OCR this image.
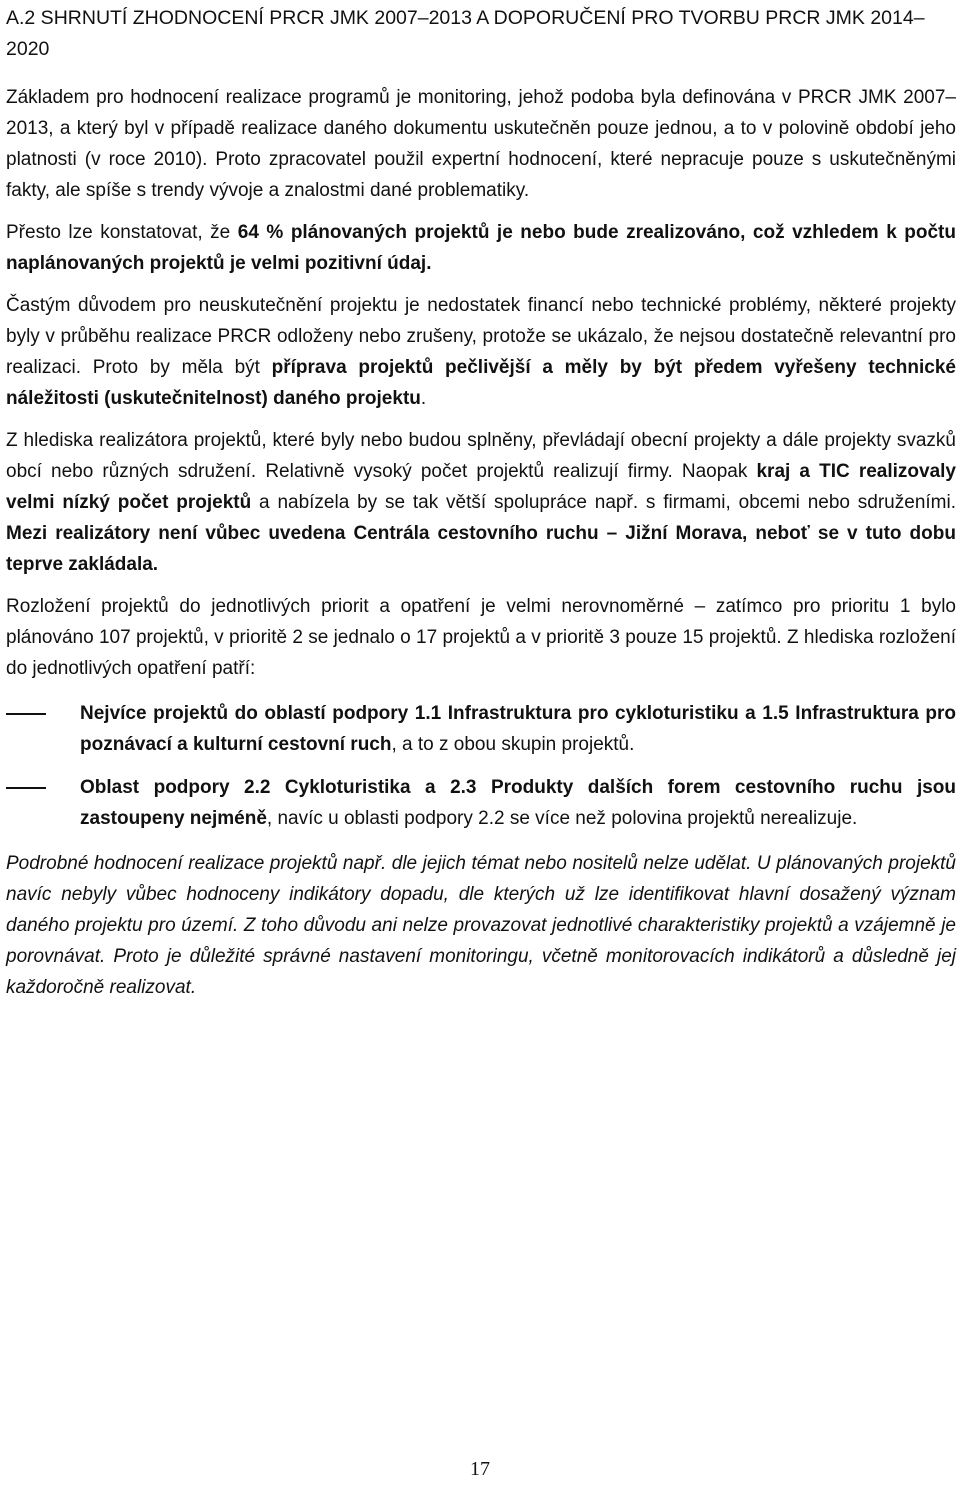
A.2 SHRNUTÍ ZHODNOCENÍ PRCR JMK 2007–2013 A DOPORUČENÍ PRO TVORBU PRCR JMK 2014–2020

Základem pro hodnocení realizace programů je monitoring, jehož podoba byla definována v PRCR JMK 2007–2013, a který byl v případě realizace daného dokumentu uskutečněn pouze jednou, a to v polovině období jeho platnosti (v roce 2010). Proto zpracovatel použil expertní hodnocení, které nepracuje pouze s uskutečněnými fakty, ale spíše s trendy vývoje a znalostmi dané problematiky.

Přesto lze konstatovat, že 64 % plánovaných projektů je nebo bude zrealizováno, což vzhledem k počtu naplánovaných projektů je velmi pozitivní údaj.

Častým důvodem pro neuskutečnění projektu je nedostatek financí nebo technické problémy, některé projekty byly v průběhu realizace PRCR odloženy nebo zrušeny, protože se ukázalo, že nejsou dostatečně relevantní pro realizaci. Proto by měla být příprava projektů pečlivější a měly by být předem vyřešeny technické náležitosti (uskutečnitelnost) daného projektu.

Z hlediska realizátora projektů, které byly nebo budou splněny, převládají obecní projekty a dále projekty svazků obcí nebo různých sdružení. Relativně vysoký počet projektů realizují firmy. Naopak kraj a TIC realizovaly velmi nízký počet projektů a nabízela by se tak větší spolupráce např. s firmami, obcemi nebo sdruženími. Mezi realizátory není vůbec uvedena Centrála cestovního ruchu – Jižní Morava, neboť se v tuto dobu teprve zakládala.

Rozložení projektů do jednotlivých priorit a opatření je velmi nerovnoměrné – zatímco pro prioritu 1 bylo plánováno 107 projektů, v prioritě 2 se jednalo o 17 projektů a v prioritě 3 pouze 15 projektů. Z hlediska rozložení do jednotlivých opatření patří:

Nejvíce projektů do oblastí podpory 1.1 Infrastruktura pro cykloturistiku a 1.5 Infrastruktura pro poznávací a kulturní cestovní ruch, a to z obou skupin projektů.
Oblast podpory 2.2 Cykloturistika a 2.3 Produkty dalších forem cestovního ruchu jsou zastoupeny nejméně, navíc u oblasti podpory 2.2 se více než polovina projektů nerealizuje.

Podrobné hodnocení realizace projektů např. dle jejich témat nebo nositelů nelze udělat. U plánovaných projektů navíc nebyly vůbec hodnoceny indikátory dopadu, dle kterých už lze identifikovat hlavní dosažený význam daného projektu pro území. Z toho důvodu ani nelze provazovat jednotlivé charakteristiky projektů a vzájemně je porovnávat. Proto je důležité správné nastavení monitoringu, včetně monitorovacích indikátorů a důsledně jej každoročně realizovat.

17
